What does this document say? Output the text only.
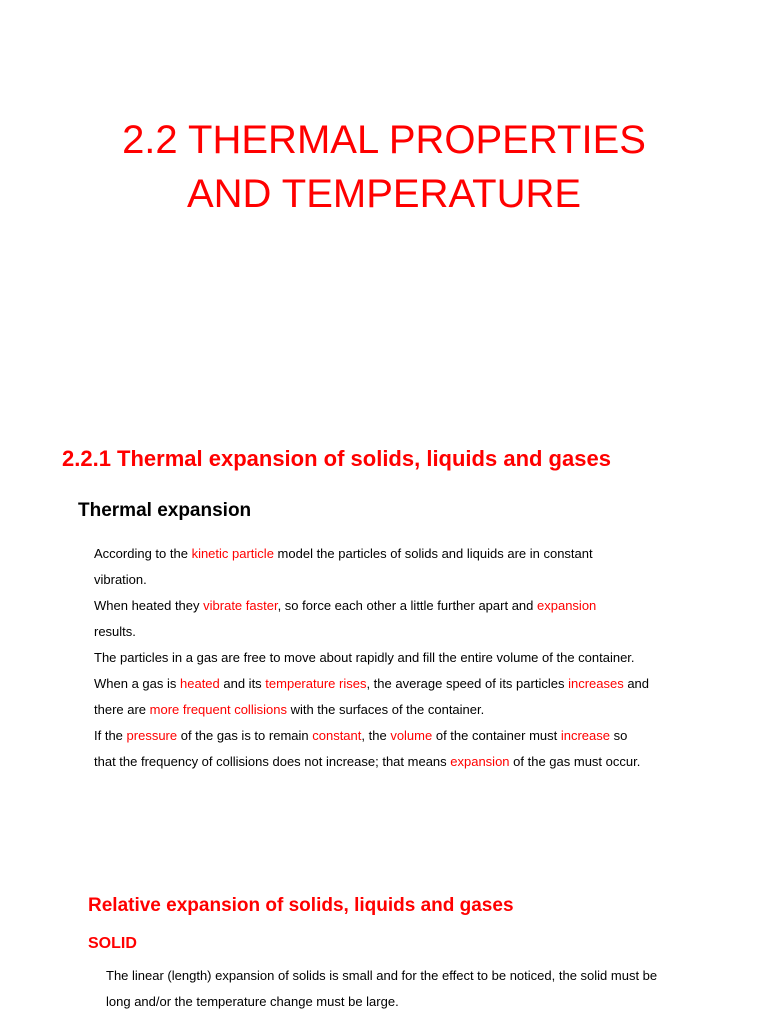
2.2 THERMAL PROPERTIES
AND TEMPERATURE
2.2.1 Thermal expansion of solids, liquids and gases
Thermal expansion
According to the kinetic particle model the particles of solids and liquids are in constant
vibration.
When heated they vibrate faster, so force each other a little further apart and expansion
results.
The particles in a gas are free to move about rapidly and fill the entire volume of the container.
When a gas is heated and its temperature rises, the average speed of its particles increases and
there are more frequent collisions with the surfaces of the container.
If the pressure of the gas is to remain constant, the volume of the container must increase so
that the frequency of collisions does not increase; that means expansion of the gas must occur.
Relative expansion of solids, liquids and gases
SOLID
The linear (length) expansion of solids is small and for the effect to be noticed, the solid must be
long and/or the temperature change must be large.
